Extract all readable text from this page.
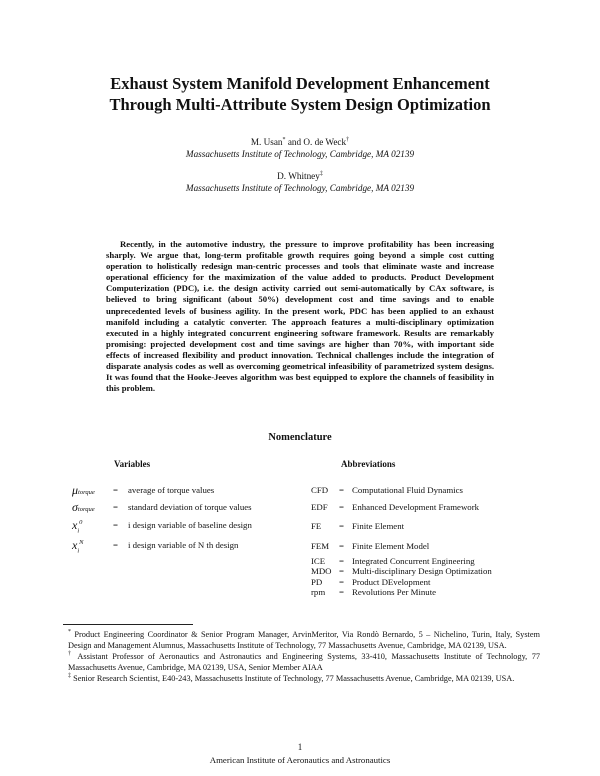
Exhaust System Manifold Development Enhancement
Through Multi-Attribute System Design Optimization
M. Usan* and O. de Weck†
Massachusetts Institute of Technology, Cambridge, MA 02139
D. Whitney‡
Massachusetts Institute of Technology, Cambridge, MA 02139
Recently, in the automotive industry, the pressure to improve profitability has been increasing sharply. We argue that, long-term profitable growth requires going beyond a simple cost cutting operation to holistically redesign man-centric processes and tools that eliminate waste and increase operational efficiency for the maximization of the value added to products. Product Development Computerization (PDC), i.e. the design activity carried out semi-automatically by CAx software, is believed to bring significant (about 50%) development cost and time savings and to enable unprecedented levels of business agility. In the present work, PDC has been applied to an exhaust manifold including a catalytic converter. The approach features a multi-disciplinary optimization executed in a highly integrated concurrent engineering software framework. Results are remarkably promising: projected development cost and time savings are higher than 70%, with important side effects of increased flexibility and product innovation. Technical challenges include the integration of disparate analysis codes as well as overcoming geometrical infeasibility of parametrized system designs. It was found that the Hooke-Jeeves algorithm was best equipped to explore the channels of feasibility in this problem.
Nomenclature
Variables	Abbreviations
μtorque = average of torque values
σtorque = standard deviation of torque values
$x_i^0$	= i design variable of baseline design
$x_i^N$	= i design variable of N th design
CFD = Computational Fluid Dynamics
EDF = Enhanced Development Framework
FE = Finite Element
FEM = Finite Element Model
ICE = Integrated Concurrent Engineering
MDO = Multi-disciplinary Design Optimization
PD = Product DEvelopment
rpm = Revolutions Per Minute

* Product Engineering Coordinator & Senior Program Manager, ArvinMeritor, Via Rondò Bernardo, 5 – Nichelino, Turin, Italy, System Design and Management Alumnus, Massachusetts Institute of Technology, 77 Massachusetts Avenue, Cambridge, MA 02139, USA.

† Assistant Professor of Aeronautics and Astronautics and Engineering Systems, 33-410, Massachusetts Institute of Technology, 77 Massachusetts Avenue, Cambridge, MA 02139, USA, Senior Member AIAA

‡ Senior Research Scientist, E40-243, Massachusetts Institute of Technology, 77 Massachusetts Avenue, Cambridge, MA 02139, USA.

1
American Institute of Aeronautics and Astronautics
